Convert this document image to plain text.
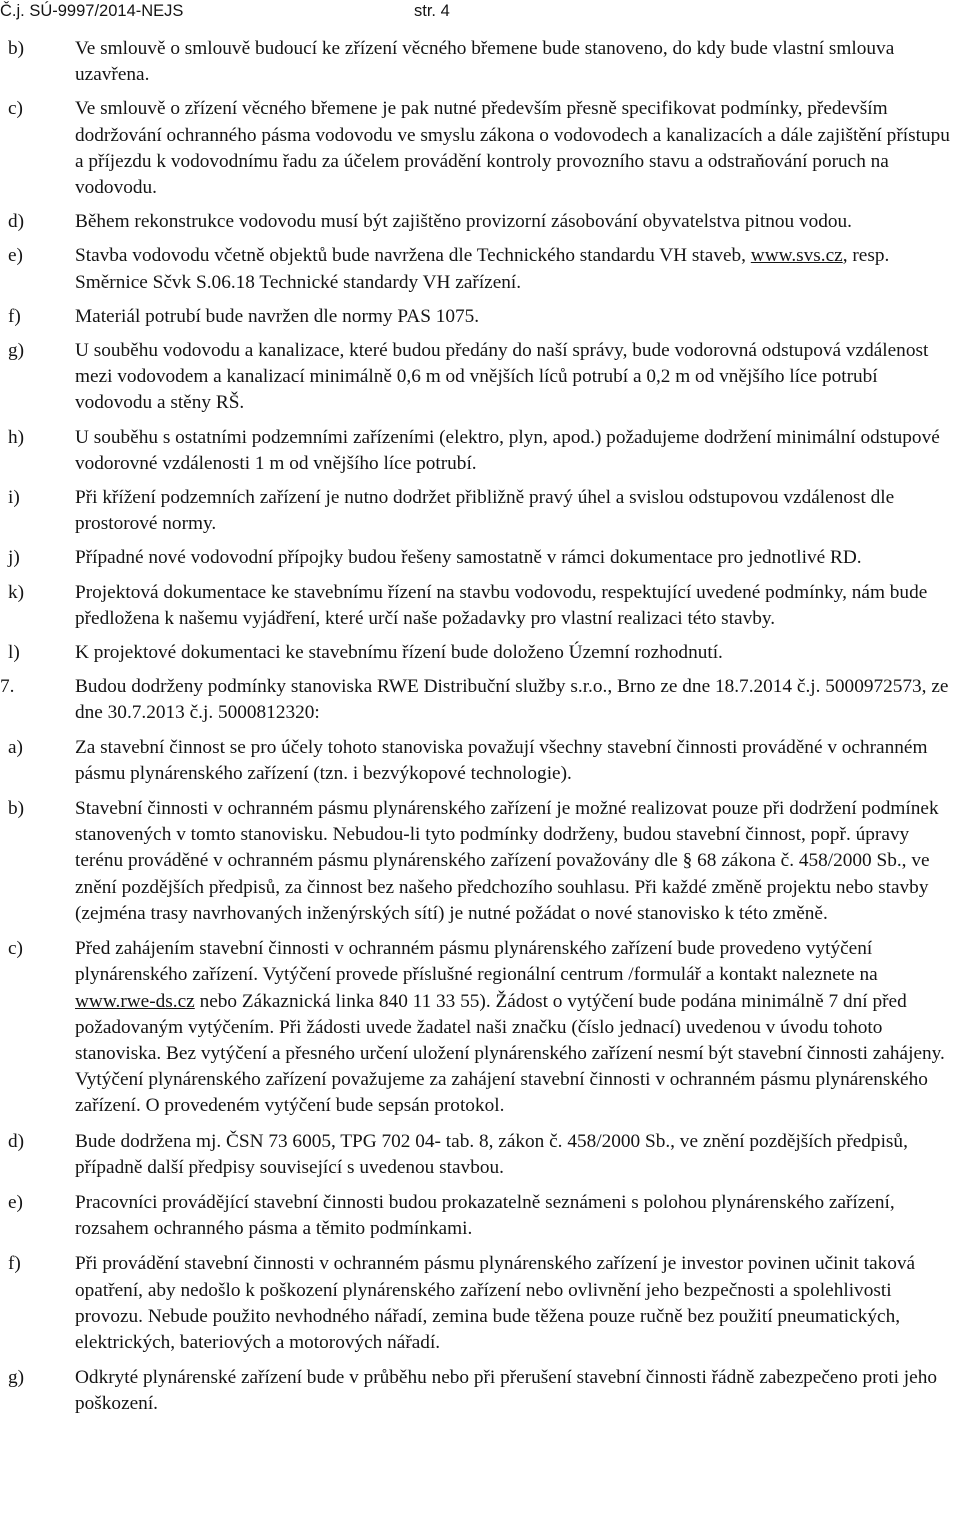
Č.j. SÚ-9997/2014-NEJS	str. 4
b)	Ve smlouvě o smlouvě budoucí ke zřízení věcného břemene bude stanoveno, do kdy bude vlastní smlouva uzavřena.
c)	Ve smlouvě o zřízení věcného břemene je pak nutné především přesně specifikovat podmínky, především dodržování ochranného pásma vodovodu ve smyslu zákona o vodovodech a kanalizacích a dále zajištění přístupu a příjezdu k vodovodnímu řadu za účelem provádění kontroly provozního stavu a odstraňování poruch na vodovodu.
d)	Během rekonstrukce vodovodu musí být zajištěno provizorní zásobování obyvatelstva pitnou vodou.
e)	Stavba vodovodu včetně objektů bude navržena dle Technického standardu VH staveb, www.svs.cz, resp. Směrnice Sčvk S.06.18 Technické standardy VH zařízení.
f)	Materiál potrubí bude navržen dle normy PAS 1075.
g)	U souběhu vodovodu a kanalizace, které budou předány do naší správy, bude vodorovná odstupová vzdálenost mezi vodovodem a kanalizací minimálně 0,6 m od vnějších líců potrubí a 0,2 m od vnějšího líce potrubí vodovodu a stěny RŠ.
h)	U souběhu s ostatními podzemními zařízeními (elektro, plyn, apod.) požadujeme dodržení minimální odstupové vodorovné vzdálenosti 1 m od vnějšího líce potrubí.
i)	Při křížení podzemních zařízení je nutno dodržet přibližně pravý úhel a svislou odstupovou vzdálenost dle prostorové normy.
j)	Případné nové vodovodní přípojky budou řešeny samostatně v rámci dokumentace pro jednotlivé RD.
k)	Projektová dokumentace ke stavebnímu řízení na stavbu vodovodu, respektující uvedené podmínky, nám bude předložena k našemu vyjádření, které určí naše požadavky pro vlastní realizaci této stavby.
l)	K projektové dokumentaci ke stavebnímu řízení bude doloženo Územní rozhodnutí.
7.	Budou dodrženy podmínky stanoviska RWE Distribuční služby s.r.o., Brno ze dne 18.7.2014 č.j. 5000972573, ze dne 30.7.2013 č.j. 5000812320:
a)	Za stavební činnost se pro účely tohoto stanoviska považují všechny stavební činnosti prováděné v ochranném pásmu plynárenského zařízení (tzn. i bezvýkopové technologie).
b)	Stavební činnosti v ochranném pásmu plynárenského zařízení je možné realizovat pouze při dodržení podmínek stanovených v tomto stanovisku. Nebudou-li tyto podmínky dodrženy, budou stavební činnost, popř. úpravy terénu prováděné v ochranném pásmu plynárenského zařízení považovány dle § 68 zákona č. 458/2000 Sb., ve znění pozdějších předpisů, za činnost bez našeho předchozího souhlasu. Při každé změně projektu nebo stavby (zejména trasy navrhovaných inženýrských sítí) je nutné požádat o nové stanovisko k této změně.
c)	Před zahájením stavební činnosti v ochranném pásmu plynárenského zařízení bude provedeno vytýčení plynárenského zařízení. Vytýčení provede příslušné regionální centrum /formulář a kontakt naleznete na www.rwe-ds.cz nebo Zákaznická linka 840 11 33 55). Žádost o vytýčení bude podána minimálně 7 dní před požadovaným vytýčením. Při žádosti uvede žadatel naši značku (číslo jednací) uvedenou v úvodu tohoto stanoviska. Bez vytýčení a přesného určení uložení plynárenského zařízení nesmí být stavební činnosti zahájeny. Vytýčení plynárenského zařízení považujeme za zahájení stavební činnosti v ochranném pásmu plynárenského zařízení. O provedeném vytýčení bude sepsán protokol.
d)	Bude dodržena mj. ČSN 73 6005, TPG 702 04- tab. 8, zákon č. 458/2000 Sb., ve znění pozdějších předpisů, případně další předpisy související s uvedenou stavbou.
e)	Pracovníci provádějící stavební činnosti budou prokazatelně seznámeni s polohou plynárenského zařízení, rozsahem ochranného pásma a těmito podmínkami.
f)	Při provádění stavební činnosti v ochranném pásmu plynárenského zařízení je investor povinen učinit taková opatření, aby nedošlo k poškození plynárenského zařízení nebo ovlivnění jeho bezpečnosti a spolehlivosti provozu. Nebude použito nevhodného nářadí, zemina bude těžena pouze ručně bez použití pneumatických, elektrických, bateriových a motorových nářadí.
g)	Odkryté plynárenské zařízení bude v průběhu nebo při přerušení stavební činnosti řádně zabezpečeno proti jeho poškození.
